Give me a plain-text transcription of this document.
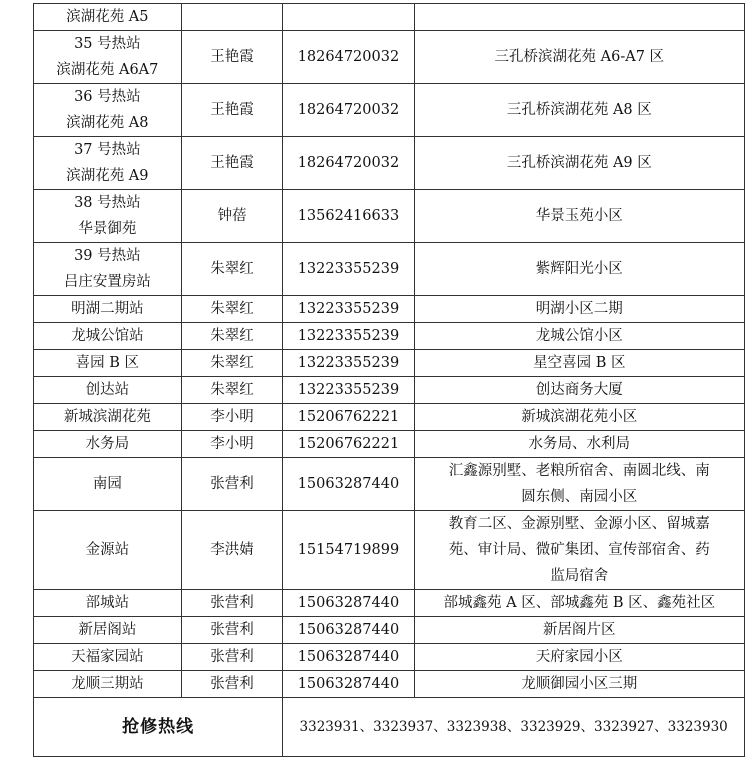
滨湖花苑 A5			

35 号热站
滨湖花苑 A6A7	王艳霞	18264720032	三孔桥滨湖花苑 A6-A7 区

36 号热站
滨湖花苑 A8	王艳霞	18264720032	三孔桥滨湖花苑 A8 区

37 号热站
滨湖花苑 A9	王艳霞	18264720032	三孔桥滨湖花苑 A9 区

38 号热站
华景御苑	钟蓓	13562416633	华景玉苑小区

39 号热站
吕庄安置房站	朱翠红	13223355239	紫辉阳光小区

明湖二期站	朱翠红	13223355239	明湖小区二期

龙城公馆站	朱翠红	13223355239	龙城公馆小区

喜园 B 区	朱翠红	13223355239	星空喜园 B 区

创达站	朱翠红	13223355239	创达商务大厦

新城滨湖花苑	李小明	15206762221	新城滨湖花苑小区

水务局	李小明	15206762221	水务局、水利局

南园	张营利	15063287440	汇鑫源别墅、老粮所宿舍、南圆北线、南
圆东侧、南园小区

金源站	李洪婧	15154719899	教育二区、金源别墅、金源小区、留城嘉
苑、审计局、微矿集团、宣传部宿舍、药
监局宿舍

部城站	张营利	15063287440	部城鑫苑 A 区、部城鑫苑 B 区、鑫苑社区

新居阁站	张营利	15063287440	新居阁片区

天福家园站	张营利	15063287440	天府家园小区

龙顺三期站	张营利	15063287440	龙顺御园小区三期

抢修热线		3323931、3323937、3323938、3323929、3323927、3323930	
